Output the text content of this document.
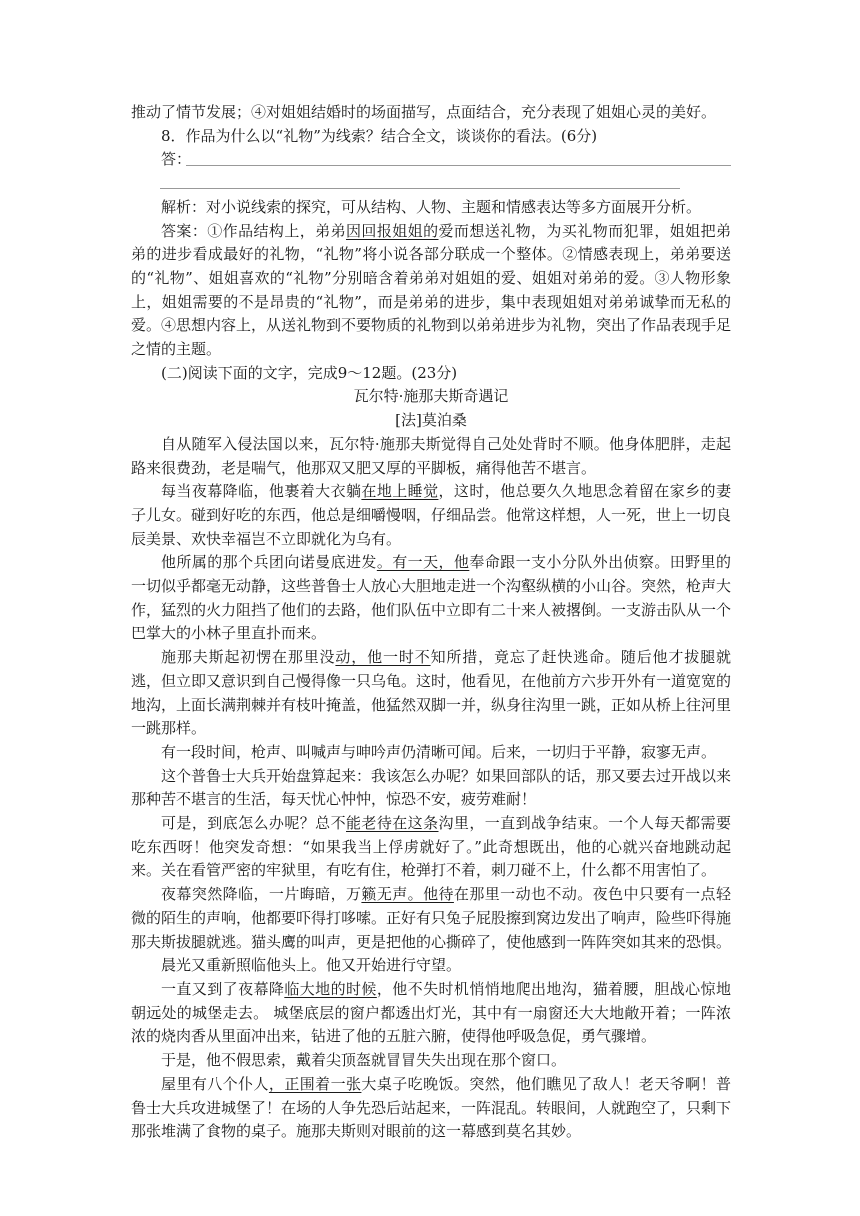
推动了情节发展；④对姐姐结婚时的场面描写，点面结合，充分表现了姐姐心灵的美好。

8．作品为什么以“礼物”为线索？结合全文，谈谈你的看法。(6分)

答：

解析：对小说线索的探究，可从结构、人物、主题和情感表达等多方面展开分析。

答案：①作品结构上，弟弟因回报姐姐的爱而想送礼物，为买礼物而犯罪，姐姐把弟弟的进步看成最好的礼物，“礼物”将小说各部分联成一个整体。②情感表现上，弟弟要送的“礼物”、姐姐喜欢的“礼物”分别暗含着弟弟对姐姐的爱、姐姐对弟弟的爱。③人物形象上，姐姐需要的不是昂贵的“礼物”，而是弟弟的进步，集中表现姐姐对弟弟诚挚而无私的爱。④思想内容上，从送礼物到不要物质的礼物到以弟弟进步为礼物，突出了作品表现手足之情的主题。

(二)阅读下面的文字，完成9～12题。(23分)

瓦尔特·施那夫斯奇遇记

[法]莫泊桑

自从随军入侵法国以来，瓦尔特·施那夫斯觉得自己处处背时不顺。他身体肥胖，走起路来很费劲，老是喘气，他那双又肥又厚的平脚板，痛得他苦不堪言。

每当夜幕降临，他裹着大衣躺在地上睡觉，这时，他总要久久地思念着留在家乡的妻子儿女。碰到好吃的东西，他总是细嚼慢咽，仔细品尝。他常这样想，人一死，世上一切良辰美景、欢快幸福岂不立即就化为乌有。

他所属的那个兵团向诺曼底进发。有一天，他奉命跟一支小分队外出侦察。田野里的一切似乎都毫无动静，这些普鲁士人放心大胆地走进一个沟壑纵横的小山谷。突然，枪声大作，猛烈的火力阻挡了他们的去路，他们队伍中立即有二十来人被撂倒。一支游击队从一个巴掌大的小林子里直扑而来。

施那夫斯起初愣在那里没动，他一时不知所措，竟忘了赶快逃命。随后他才拔腿就逃，但立即又意识到自己慢得像一只乌龟。这时，他看见，在他前方六步开外有一道宽宽的地沟，上面长满荆棘并有枝叶掩盖，他猛然双脚一并，纵身往沟里一跳，正如从桥上往河里一跳那样。

有一段时间，枪声、叫喊声与呻吟声仍清晰可闻。后来，一切归于平静，寂寥无声。

这个普鲁士大兵开始盘算起来：我该怎么办呢？如果回部队的话，那又要去过开战以来那种苦不堪言的生活，每天忧心忡忡，惊恐不安，疲劳难耐！

可是，到底怎么办呢？总不能老待在这条沟里，一直到战争结束。一个人每天都需要吃东西呀！他突发奇想：“如果我当上俘虏就好了。”此奇想既出，他的心就兴奋地跳动起来。关在看管严密的牢狱里，有吃有住，枪弹打不着，刺刀碰不上，什么都不用害怕了。

夜幕突然降临，一片晦暗，万籁无声。他待在那里一动也不动。夜色中只要有一点轻微的陌生的声响，他都要吓得打哆嗦。正好有只兔子屁股擦到窝边发出了响声，险些吓得施那夫斯拔腿就逃。猫头鹰的叫声，更是把他的心撕碎了，使他感到一阵阵突如其来的恐惧。

晨光又重新照临他头上。他又开始进行守望。

一直又到了夜幕降临大地的时候，他不失时机悄悄地爬出地沟，猫着腰，胆战心惊地朝远处的城堡走去。 城堡底层的窗户都透出灯光，其中有一扇窗还大大地敞开着；一阵浓浓的烧肉香从里面冲出来，钻进了他的五脏六腑，使得他呼吸急促，勇气骤增。

于是，他不假思索，戴着尖顶盔就冒冒失失出现在那个窗口。

屋里有八个仆人，正围着一张大桌子吃晚饭。突然，他们瞧见了敌人！老天爷啊！普鲁士大兵攻进城堡了！在场的人争先恐后站起来，一阵混乱。转眼间，人就跑空了，只剩下那张堆满了食物的桌子。施那夫斯则对眼前的这一幕感到莫名其妙。
